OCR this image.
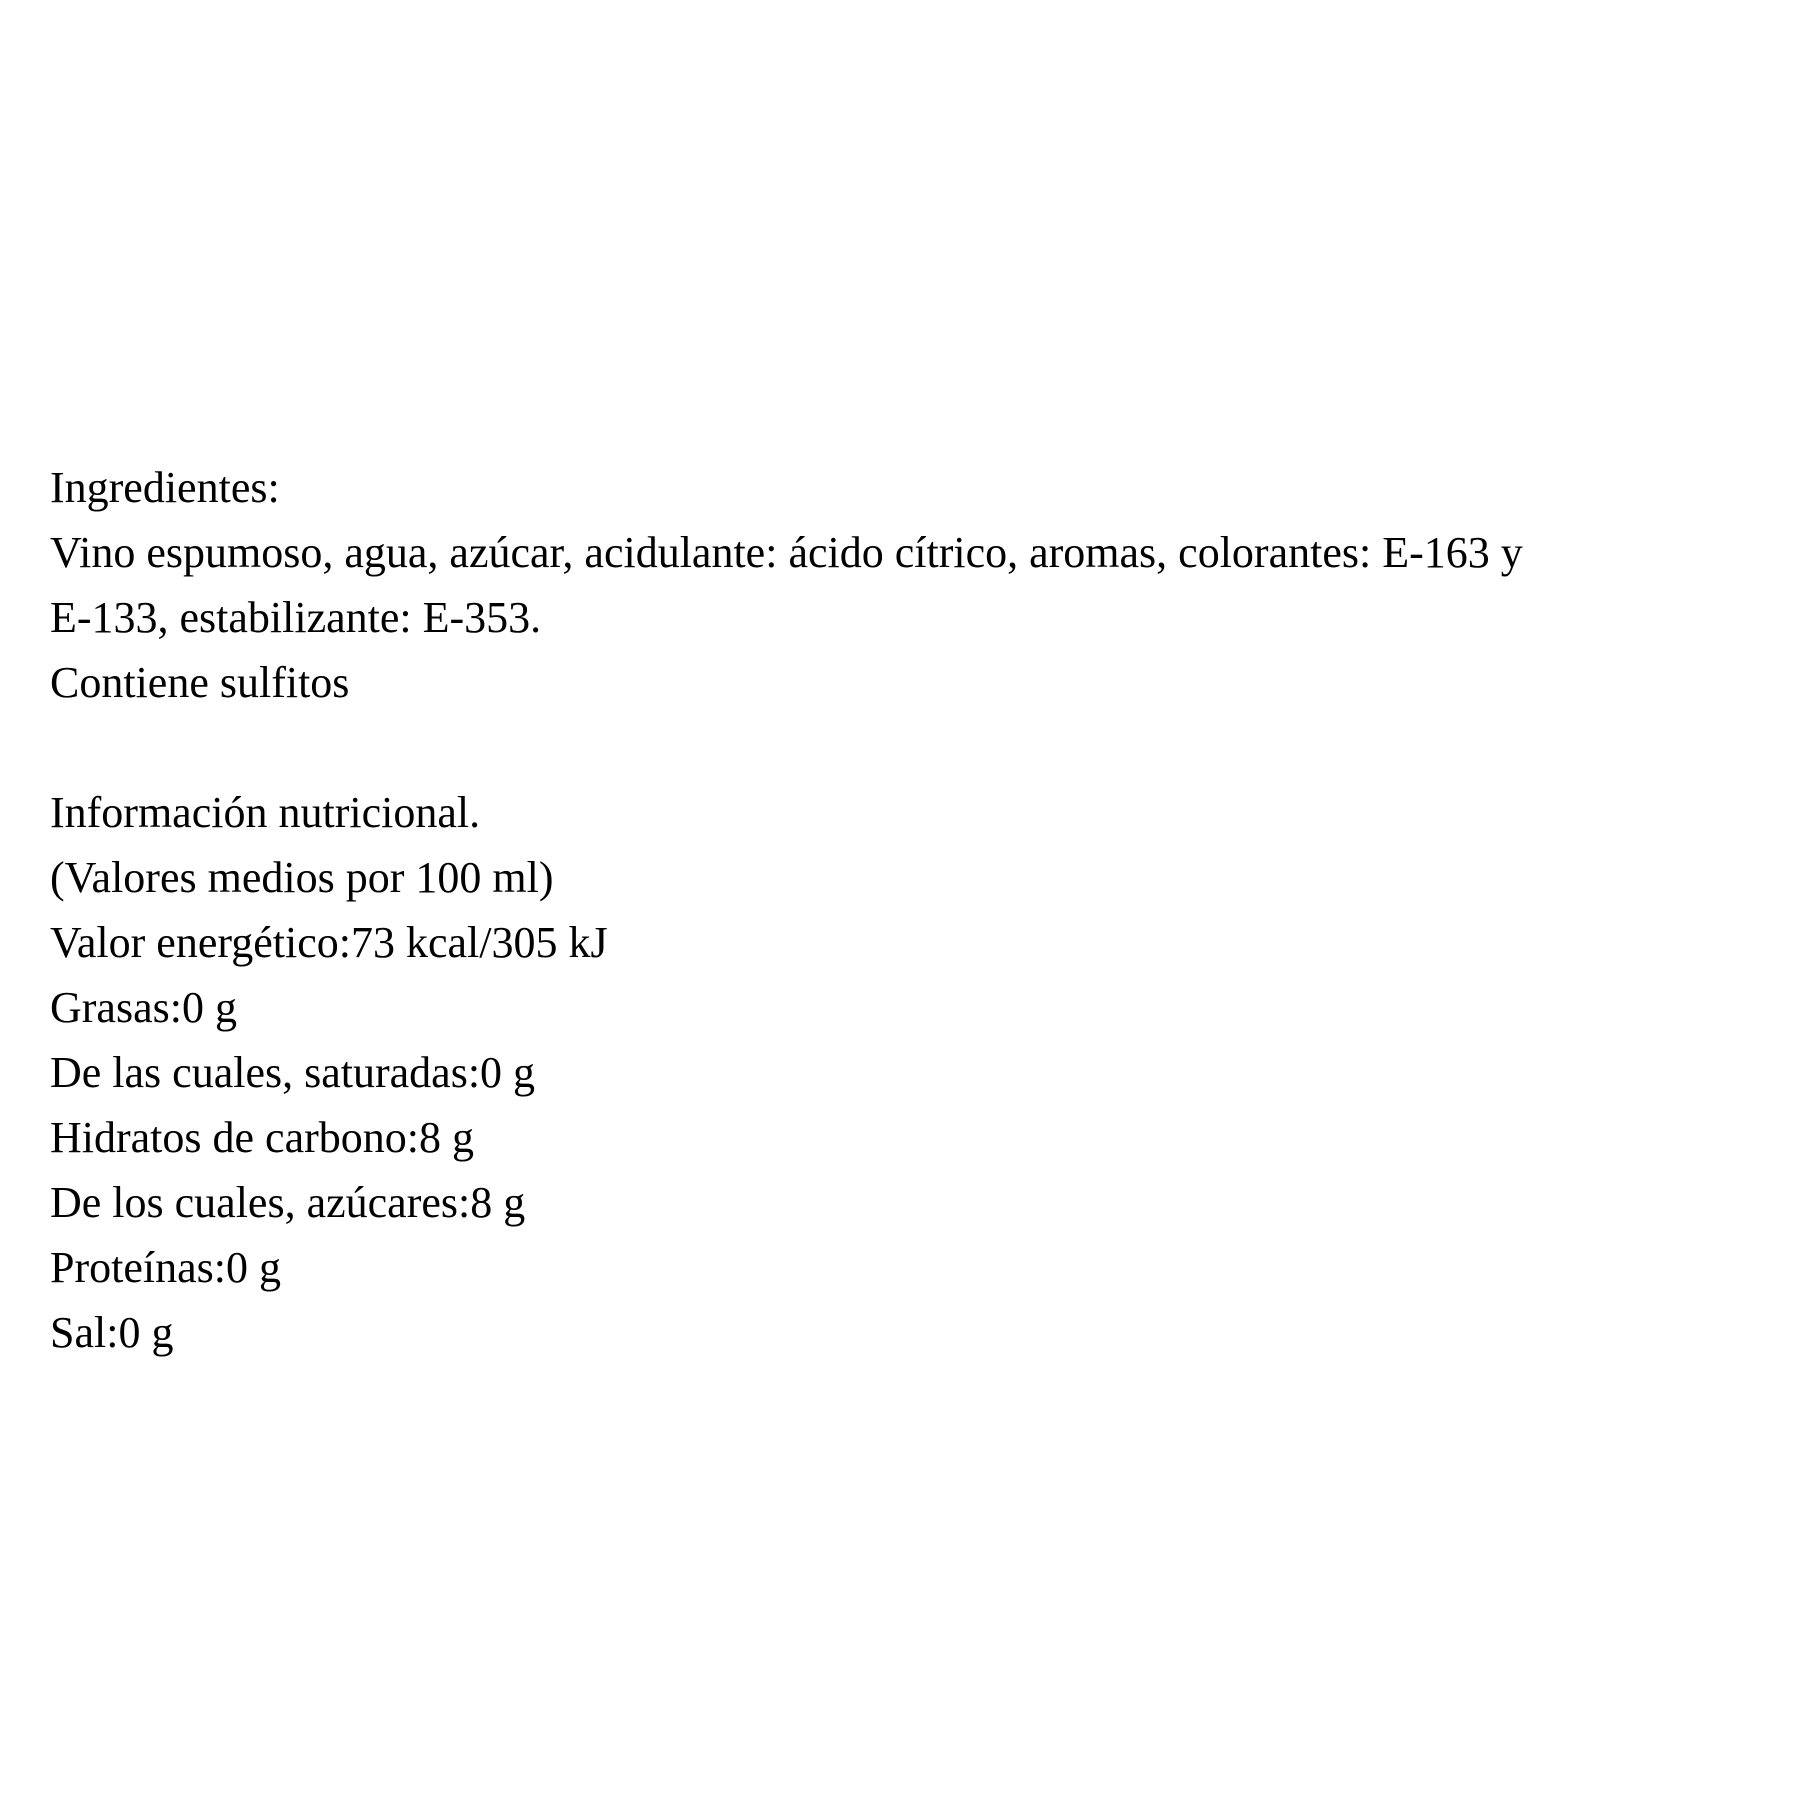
Ingredientes:
Vino espumoso, agua, azúcar, acidulante: ácido cítrico, aromas, colorantes: E-163 y
E-133, estabilizante: E-353.
Contiene sulfitos
Información nutricional.
(Valores medios por 100 ml)
Valor energético:73 kcal/305 kJ
Grasas:0 g
De las cuales, saturadas:0 g
Hidratos de carbono:8 g
De los cuales, azúcares:8 g
Proteínas:0 g
Sal:0 g
